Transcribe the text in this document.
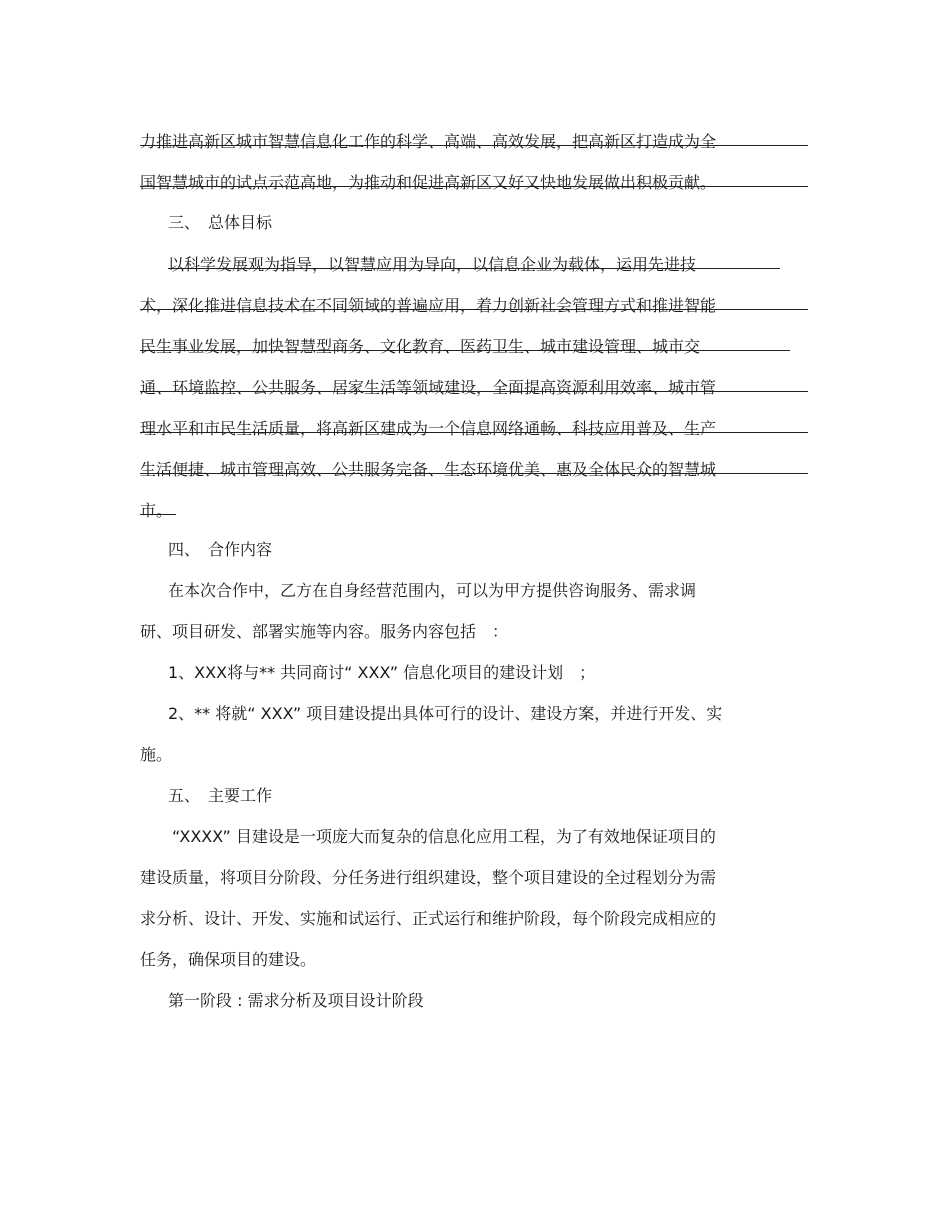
力推进高新区城市智慧信息化工作的科学、高端、高效发展，把高新区打造成为全
国智慧城市的试点示范高地，为推动和促进高新区又好又快地发展做出积极贡献。
三、　总体目标
以科学发展观为指导，以智慧应用为导向，以信息企业为载体，运用先进技
术，深化推进信息技术在不同领域的普遍应用，着力创新社会管理方式和推进智能
民生事业发展，加快智慧型商务、文化教育、医药卫生、城市建设管理、城市交
通、环境监控、公共服务、居家生活等领域建设，全面提高资源利用效率、城市管
理水平和市民生活质量，将高新区建成为一个信息网络通畅、科技应用普及、生产
生活便捷、城市管理高效、公共服务完备、生态环境优美、惠及全体民众的智慧城
市。
四、　合作内容
在本次合作中，乙方在自身经营范围内，可以为甲方提供咨询服务、需求调
研、项目研发、部署实施等内容。服务内容包括　：
1、XXX将与** 共同商讨“ XXX” 信息化项目的建设计划　；
2、** 将就“ XXX” 项目建设提出具体可行的设计、建设方案，并进行开发、实
施。
五、　主要工作
“XXXX” 目建设是一项庞大而复杂的信息化应用工程，为了有效地保证项目的
建设质量，将项目分阶段、分任务进行组织建设，整个项目建设的全过程划分为需
求分析、设计、开发、实施和试运行、正式运行和维护阶段，每个阶段完成相应的
任务，确保项目的建设。
第一阶段 : 需求分析及项目设计阶段
